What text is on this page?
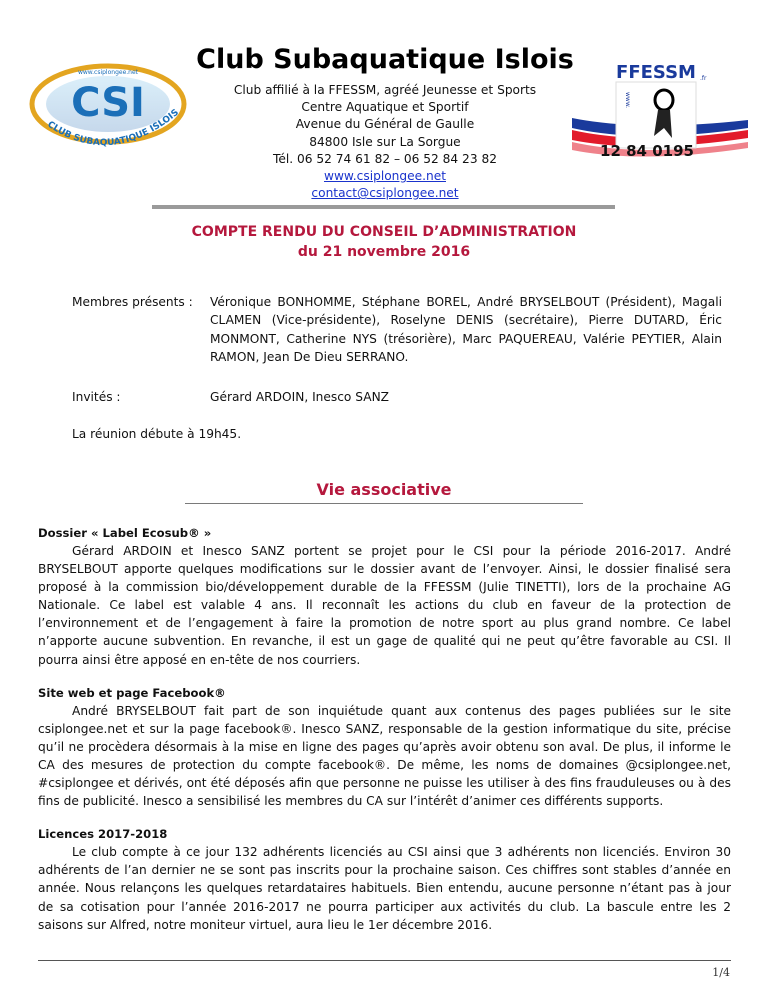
CSI
www.csiplongee.net
CLUB SUBAQUATIQUE ISLOIS
FFESSM .fr
www.
12 84 0195
Club Subaquatique Islois
Club affilié à la FFESSM, agréé Jeunesse et Sports
Centre Aquatique et Sportif
Avenue du Général de Gaulle
84800 Isle sur La Sorgue
Tél. 06 52 74 61 82 – 06 52 84 23 82
www.csiplongee.net
contact@csiplongee.net
COMPTE RENDU DU CONSEIL D’ADMINISTRATION
du 21 novembre 2016
Membres présents :	Véronique BONHOMME, Stéphane BOREL, André BRYSELBOUT (Président), Magali CLAMEN (Vice-présidente), Roselyne DENIS (secrétaire), Pierre DUTARD, Éric MONMONT, Catherine NYS (trésorière), Marc PAQUEREAU, Valérie PEYTIER, Alain RAMON, Jean De Dieu SERRANO.
Invités :	Gérard ARDOIN, Inesco SANZ
La réunion débute à 19h45.
Vie associative
Dossier « Label Ecosub® »

Gérard ARDOIN et Inesco SANZ portent se projet pour le CSI pour la période 2016-2017. André BRYSELBOUT apporte quelques modifications sur le dossier avant de l’envoyer. Ainsi, le dossier finalisé sera proposé à la commission bio/développement durable de la FFESSM (Julie TINETTI), lors de la prochaine AG Nationale. Ce label est valable 4 ans. Il reconnaît les actions du club en faveur de la protection de l’environnement et de l’engagement à faire la promotion de notre sport au plus grand nombre. Ce label n’apporte aucune subvention. En revanche, il est un gage de qualité qui ne peut qu’être favorable au CSI. Il pourra ainsi être apposé en en-tête de nos courriers.

Site web et page Facebook®

André BRYSELBOUT fait part de son inquiétude quant aux contenus des pages publiées sur le site csiplongee.net et sur la page facebook®. Inesco SANZ, responsable de la gestion informatique du site, précise qu’il ne procèdera désormais à la mise en ligne des pages qu’après avoir obtenu son aval. De plus, il informe le CA des mesures de protection du compte facebook®. De même, les noms de domaines @csiplongee.net, #csiplongee et dérivés, ont été déposés afin que personne ne puisse les utiliser à des fins frauduleuses ou à des fins de publicité. Inesco a sensibilisé les membres du CA sur l’intérêt d’animer ces différents supports.

Licences 2017-2018

Le club compte à ce jour 132 adhérents licenciés au CSI ainsi que 3 adhérents non licenciés. Environ 30 adhérents de l’an dernier ne se sont pas inscrits pour la prochaine saison. Ces chiffres sont stables d’année en année. Nous relançons les quelques retardataires habituels. Bien entendu, aucune personne n’étant pas à jour de sa cotisation pour l’année 2016-2017 ne pourra participer aux activités du club. La bascule entre les 2 saisons sur Alfred, notre moniteur virtuel, aura lieu le 1er décembre 2016.

1/4
